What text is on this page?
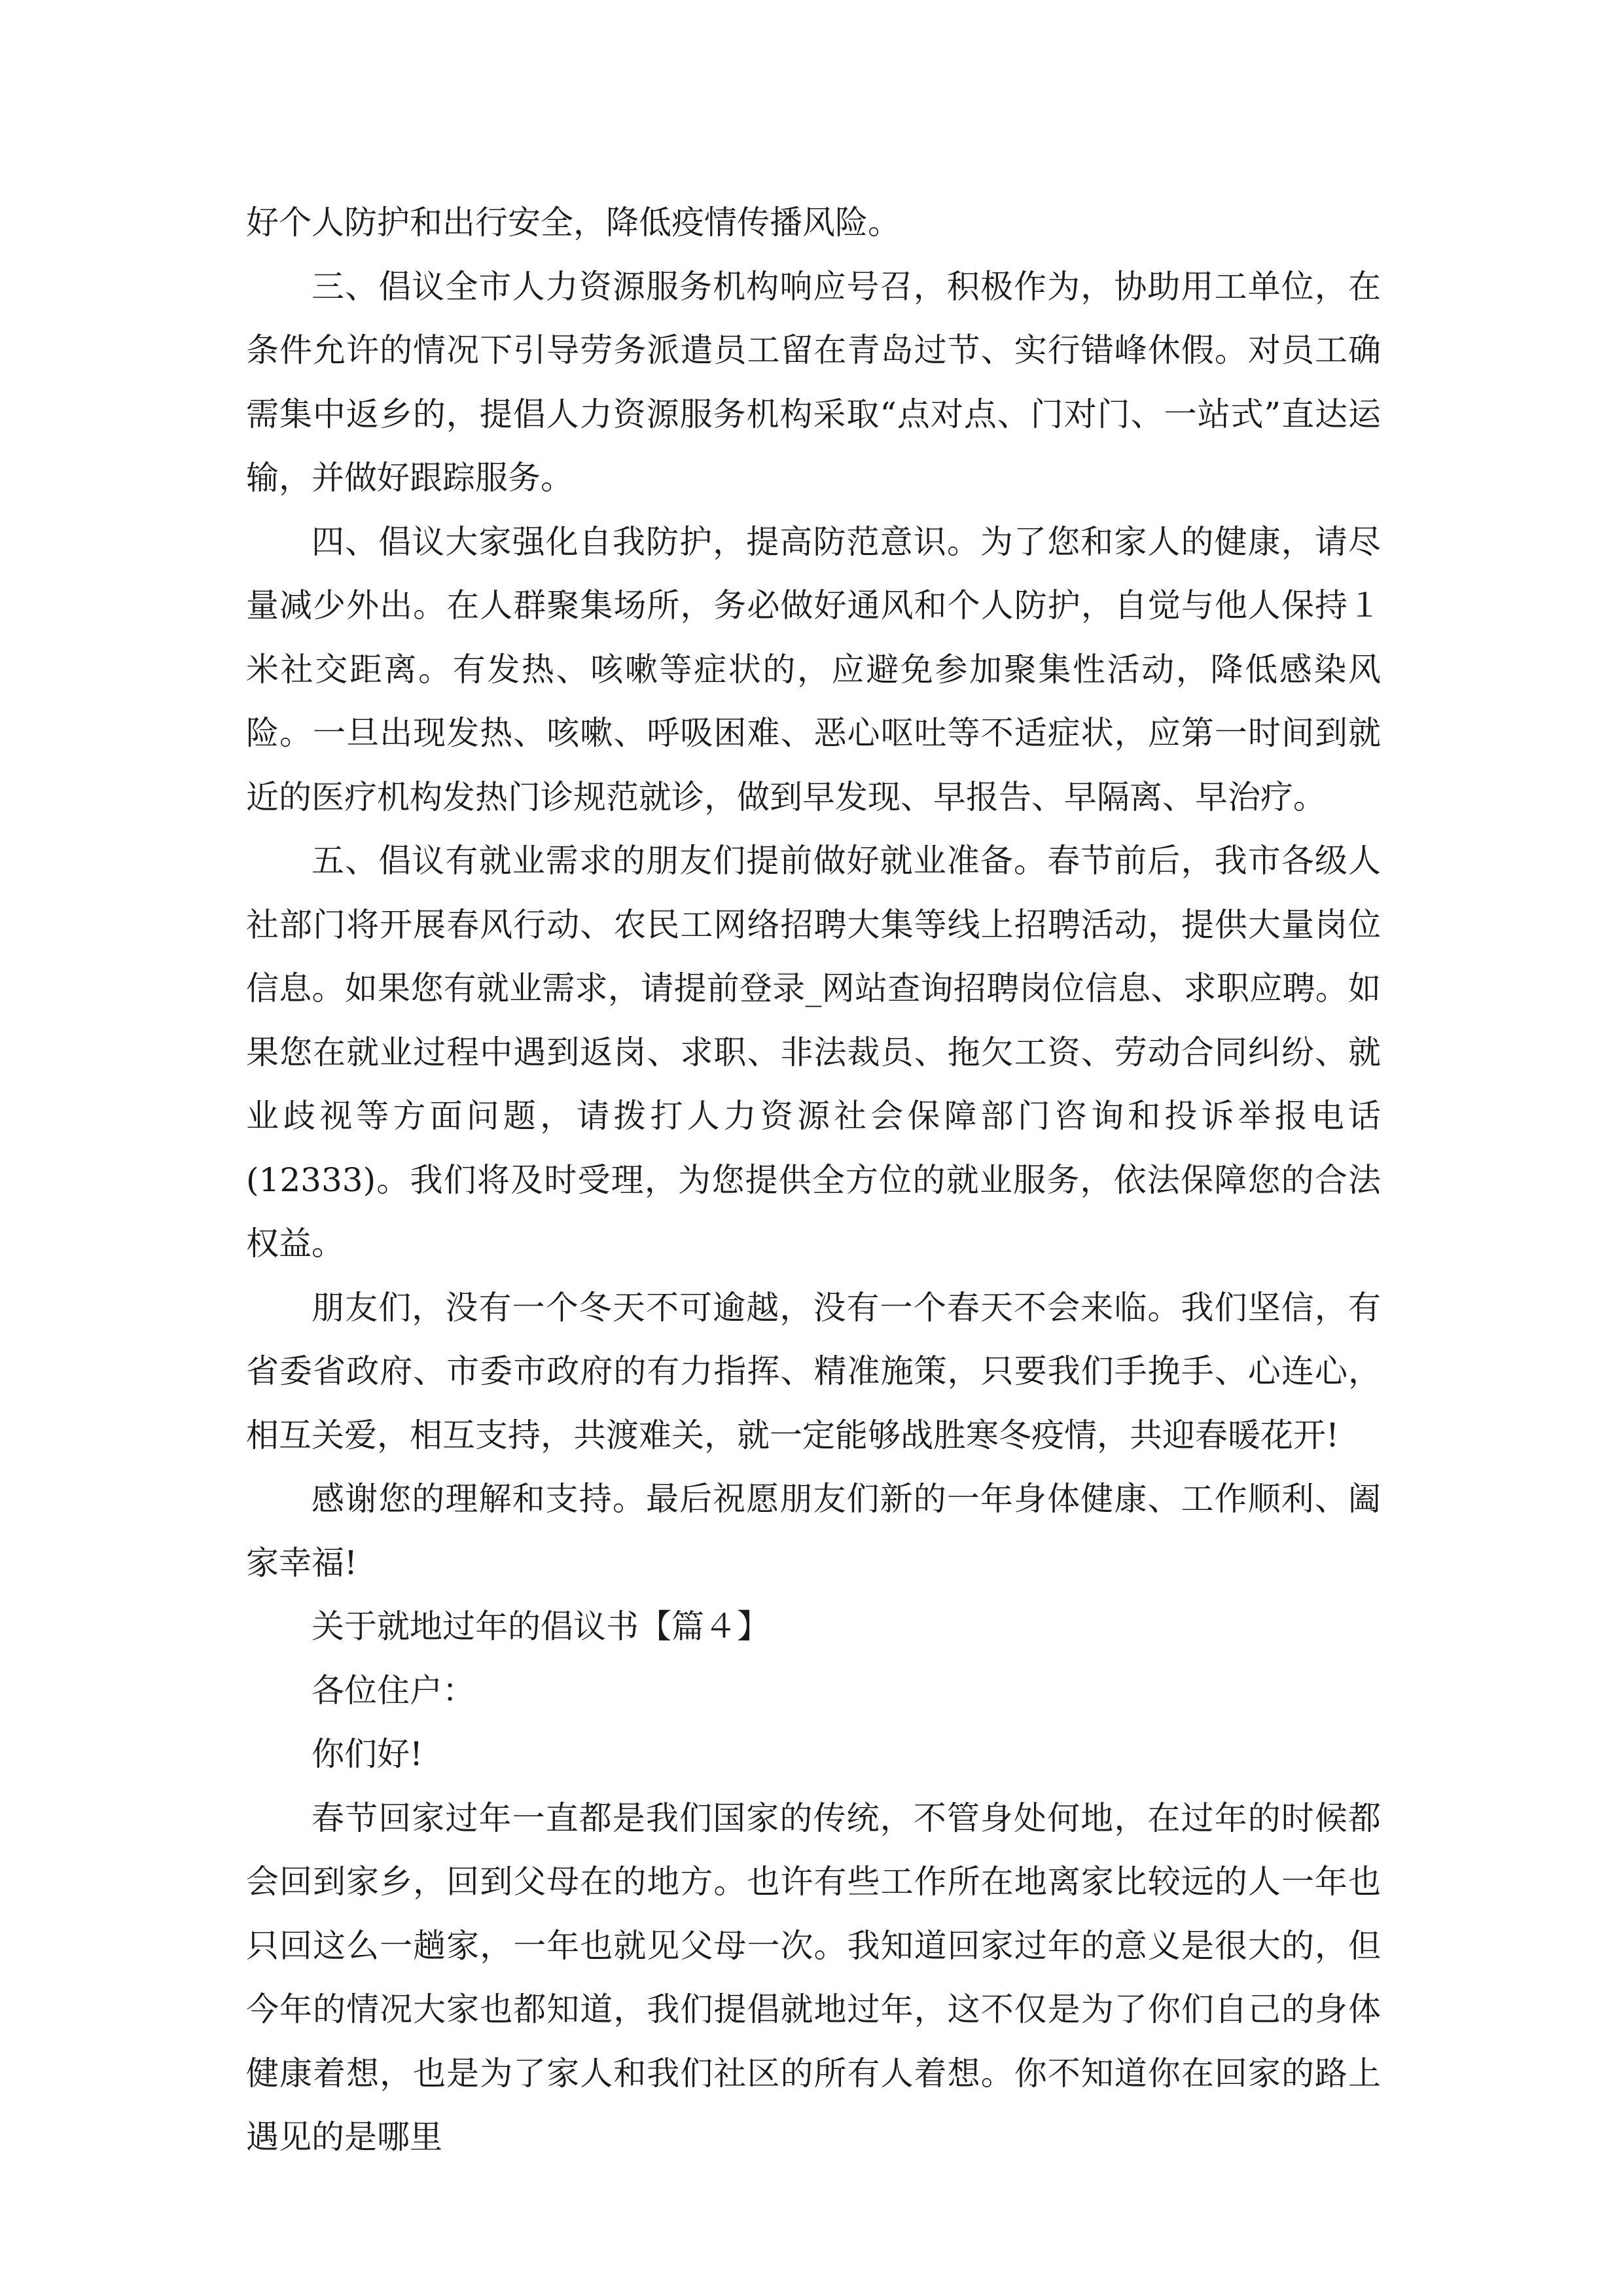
好个人防护和出行安全，降低疫情传播风险。

三、倡议全市人力资源服务机构响应号召，积极作为，协助用工单位，在条件允许的情况下引导劳务派遣员工留在青岛过节、实行错峰休假。对员工确需集中返乡的，提倡人力资源服务机构采取“点对点、门对门、一站式”直达运输，并做好跟踪服务。

四、倡议大家强化自我防护，提高防范意识。为了您和家人的健康，请尽量减少外出。在人群聚集场所，务必做好通风和个人防护，自觉与他人保持１米社交距离。有发热、咳嗽等症状的，应避免参加聚集性活动，降低感染风险。一旦出现发热、咳嗽、呼吸困难、恶心呕吐等不适症状，应第一时间到就近的医疗机构发热门诊规范就诊，做到早发现、早报告、早隔离、早治疗。

五、倡议有就业需求的朋友们提前做好就业准备。春节前后，我市各级人社部门将开展春风行动、农民工网络招聘大集等线上招聘活动，提供大量岗位信息。如果您有就业需求，请提前登录_网站查询招聘岗位信息、求职应聘。如果您在就业过程中遇到返岗、求职、非法裁员、拖欠工资、劳动合同纠纷、就业歧视等方面问题，请拨打人力资源社会保障部门咨询和投诉举报电话(12333)。我们将及时受理，为您提供全方位的就业服务，依法保障您的合法权益。

朋友们，没有一个冬天不可逾越，没有一个春天不会来临。我们坚信，有省委省政府、市委市政府的有力指挥、精准施策，只要我们手挽手、心连心，相互关爱，相互支持，共渡难关，就一定能够战胜寒冬疫情，共迎春暖花开!

感谢您的理解和支持。最后祝愿朋友们新的一年身体健康、工作顺利、阖家幸福!

关于就地过年的倡议书【篇４】

各位住户：

你们好!

春节回家过年一直都是我们国家的传统，不管身处何地，在过年的时候都会回到家乡，回到父母在的地方。也许有些工作所在地离家比较远的人一年也只回这么一趟家，一年也就见父母一次。我知道回家过年的意义是很大的，但今年的情况大家也都知道，我们提倡就地过年，这不仅是为了你们自己的身体健康着想，也是为了家人和我们社区的所有人着想。你不知道你在回家的路上遇见的是哪里
